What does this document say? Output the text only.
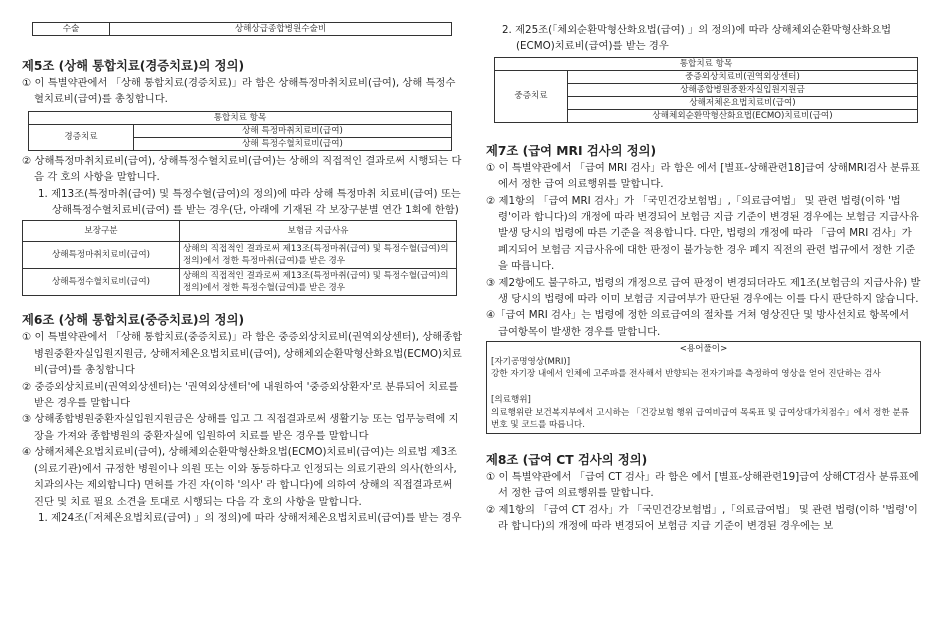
수술	상해상급종합병원수술비
제5조 (상해 통합치료(경증치료)의 정의)

① 이 특별약관에서 「상해 통합치료(경증치료)」라 함은 상해특정마취치료비(급여), 상해 특정수혈치료비(급여)를 총칭합니다.

통합치료 항목
경증치료	상해 특정마취치료비(급여)
상해 특정수혈치료비(급여)

② 상해특정마취치료비(급여), 상해특정수혈치료비(급여)는 상해의 직접적인 결과로써 시행되는 다음 각 호의 사항을 말합니다.

1. 제13조(특정마취(급여) 및 특정수혈(급여)의 정의)에 따라 상해 특정마취 치료비(급여) 또는 상해특정수혈치료비(급여) 를 받는 경우(단, 아래에 기재된 각 보장구분별 연간 1회에 한함)

보장구분	보험금 지급사유
상해특정마취치료비(급여)	상해의 직접적인 결과로써 제13조(특정마취(급여) 및 특정수혈(급여)의 정의)에서 정한 특정마취(급여)를 받은 경우
상해특정수혈치료비(급여)	상해의 직접적인 결과로써 제13조(특정마취(급여) 및 특정수혈(급여)의 정의)에서 정한 특정수혈(급여)를 받은 경우
제6조 (상해 통합치료(중증치료)의 정의)

① 이 특별약관에서 「상해 통합치료(중증치료)」라 함은 중증외상치료비(권역외상센터), 상해종합병원중환자실입원지원금, 상해저체온요법치료비(급여), 상해체외순환막형산화요법(ECMO)치료비(급여)를 총칭합니다

② 중증외상치료비(권역외상센터)는 '권역외상센터'에 내원하여 '중증외상환자'로 분류되어 치료를 받은 경우를 말합니다

③ 상해종합병원중환자실입원지원금은 상해를 입고 그 직접결과로써 생활기능 또는 업무능력에 지장을 가져와 종합병원의 중환자실에 입원하여 치료를 받은 경우를 말합니다

④ 상해저체온요법치료비(급여), 상해체외순환막형산화요법(ECMO)치료비(급여)는 의료법 제3조(의료기관)에서 규정한 병원이나 의원 또는 이와 동등하다고 인정되는 의료기관의 의사(한의사, 치과의사는 제외합니다) 면허를 가진 자(이하 '의사' 라 합니다)에 의하여 상해의 직접결과로써 진단 및 치료 필요 소견을 토대로 시행되는 다음 각 호의 사항을 말합니다.

1. 제24조(「저체온요법치료(급여) 」의 정의)에 따라 상해저체온요법치료비(급여)를 받는 경우

2. 제25조(「체외순환막형산화요법(급여) 」의 정의)에 따라 상해체외순환막형산화요법(ECMO)치료비(급여)를 받는 경우

통합치료 항목
중증치료	중증외상치료비(권역외상센터)
상해종합병원중환자실입원지원금
상해저체온요법치료비(급여)
상해체외순환막형산화요법(ECMO)치료비(급여)
제7조 (급여 MRI 검사의 정의)

① 이 특별약관에서 「급여 MRI 검사」라 함은 에서 [별표-상해관련18]급여 상해MRI검사 분류표에서 정한 급여 의료행위를 말합니다.

② 제1항의 「급여 MRI 검사」가 「국민건강보험법」,「의료급여법」 및 관련 법령(이하 '법령'이라 합니다)의 개정에 따라 변경되어 보험금 지급 기준이 변경된 경우에는 보험금 지급사유 발생 당시의 법령에 따른 기준을 적용합니다. 다만, 법령의 개정에 따라 「급여 MRI 검사」가 폐지되어 보험금 지급사유에 대한 판정이 불가능한 경우 폐지 직전의 관련 법규에서 정한 기준을 따릅니다.

③ 제2항에도 불구하고, 법령의 개정으로 급여 판정이 변경되더라도 제1조(보험금의 지급사유) 발생 당시의 법령에 따라 이미 보험금 지급여부가 판단된 경우에는 이를 다시 판단하지 않습니다.

④「급여 MRI 검사」는 법령에 정한 의료급여의 절차를 거쳐 영상진단 및 방사선치료 항목에서 급여항목이 발생한 경우를 말합니다.

<용어풀이>
[자기공명영상(MRI)]
강한 자기장 내에서 인체에 고주파를 전사해서 반향되는 전자기파를 측정하여 영상을 얻어 진단하는 검사
[의료행위]
의료행위란 보건복지부에서 고시하는 「건강보험 행위 급여비급여 목록표 및 급여상대가치점수」에서 정한 분류번호 및 코드를 따릅니다.
제8조 (급여 CT 검사의 정의)

① 이 특별약관에서 「급여 CT 검사」라 함은 에서 [별표-상해관련19]급여 상해CT검사 분류표에서 정한 급여 의료행위를 말합니다.

② 제1항의 「급여 CT 검사」가 「국민건강보험법」,「의료급여법」 및 관련 법령(이하 '법령'이라 합니다)의 개정에 따라 변경되어 보험금 지급 기준이 변경된 경우에는 보
